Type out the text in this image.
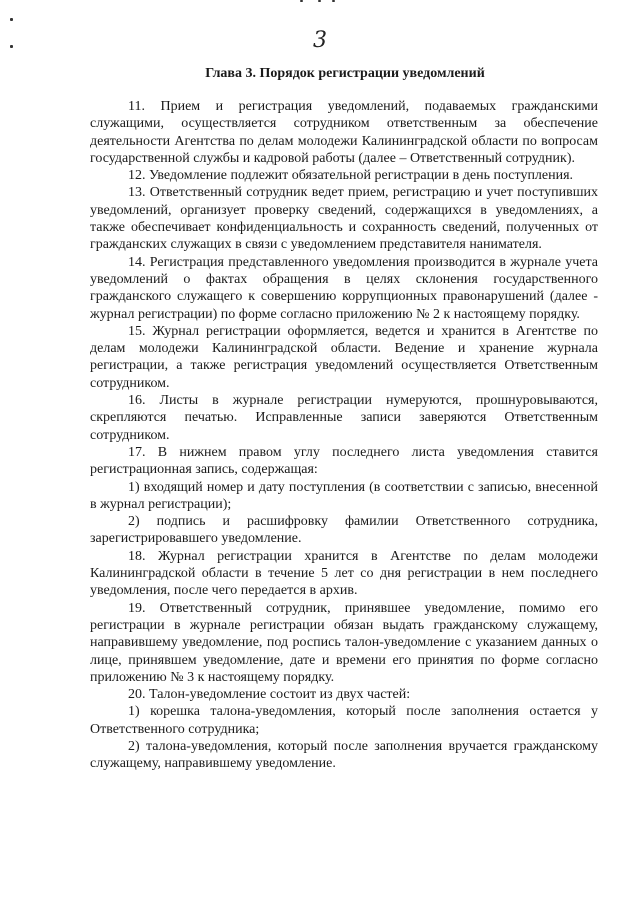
3
Глава 3. Порядок регистрации уведомлений

11. Прием и регистрация уведомлений, подаваемых гражданскими служащими, осуществляется сотрудником ответственным за обеспечение деятельности Агентства по делам молодежи Калининградской области по вопросам государственной службы и кадровой работы (далее – Ответственный сотрудник).

12. Уведомление подлежит обязательной регистрации в день поступления.

13. Ответственный сотрудник ведет прием, регистрацию и учет поступивших уведомлений, организует проверку сведений, содержащихся в уведомлениях, а также обеспечивает конфиденциальность и сохранность сведений, полученных от гражданских служащих в связи с уведомлением представителя нанимателя.

14. Регистрация представленного уведомления производится в журнале учета уведомлений о фактах обращения в целях склонения государственного гражданского служащего к совершению коррупционных правонарушений (далее - журнал регистрации) по форме согласно приложению № 2 к настоящему порядку.

15. Журнал регистрации оформляется, ведется и хранится в Агентстве по делам молодежи Калининградской области. Ведение и хранение журнала регистрации, а также регистрация уведомлений осуществляется Ответственным сотрудником.

16. Листы в журнале регистрации нумеруются, прошнуровываются, скрепляются печатью. Исправленные записи заверяются Ответственным сотрудником.

17. В нижнем правом углу последнего листа уведомления ставится регистрационная запись, содержащая:

1) входящий номер и дату поступления (в соответствии с записью, внесенной в журнал регистрации);

2) подпись и расшифровку фамилии Ответственного сотрудника, зарегистрировавшего уведомление.

18. Журнал регистрации хранится в Агентстве по делам молодежи Калининградской области в течение 5 лет со дня регистрации в нем последнего уведомления, после чего передается в архив.

19. Ответственный сотрудник, принявшее уведомление, помимо его регистрации в журнале регистрации обязан выдать гражданскому служащему, направившему уведомление, под роспись талон-уведомление с указанием данных о лице, принявшем уведомление, дате и времени его принятия по форме согласно приложению № 3 к настоящему порядку.

20. Талон-уведомление состоит из двух частей:

1) корешка талона-уведомления, который после заполнения остается у Ответственного сотрудника;

2) талона-уведомления, который после заполнения вручается гражданскому служащему, направившему уведомление.
